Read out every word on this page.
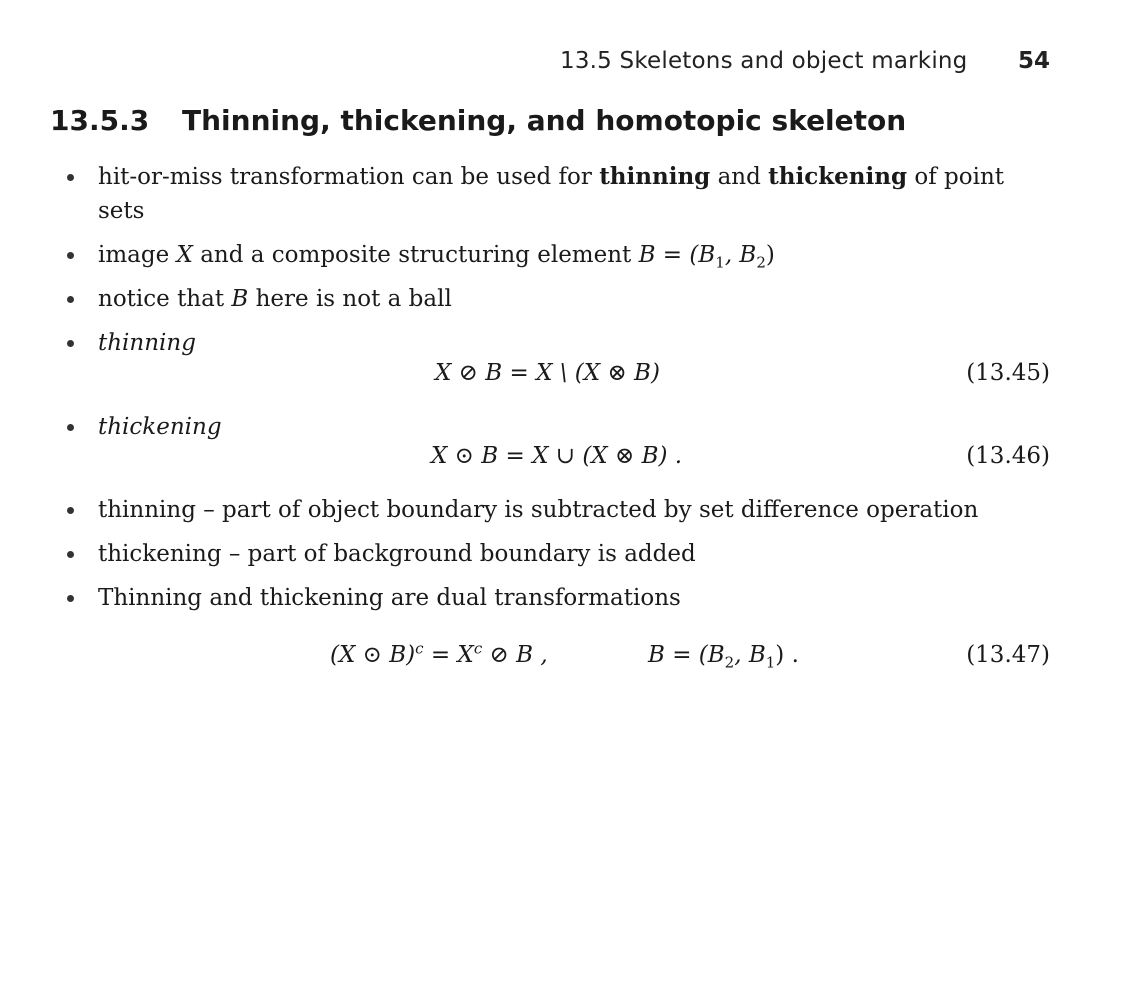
13.5 Skeletons and object marking 54
13.5.3 Thinning, thickening, and homotopic skeleton
hit-or-miss transformation can be used for thinning and thickening of point sets
image X and a composite structuring element $B = (B_1$, $B_2$)
notice that B here is not a ball
thinning
X ⊘ B = X \ (X ⊗ B)	(13.45)
thickening
X ⊙ B = X ∪ (X ⊗ B) .	(13.46)
thinning – part of object boundary is subtracted by set difference operation
thickening – part of background boundary is added
Thinning and thickening are dual transformations
(X ⊙ $B)^c = X^c$ ⊘ B ,	$B = (B_2$, $B_1$) .	(13.47)
